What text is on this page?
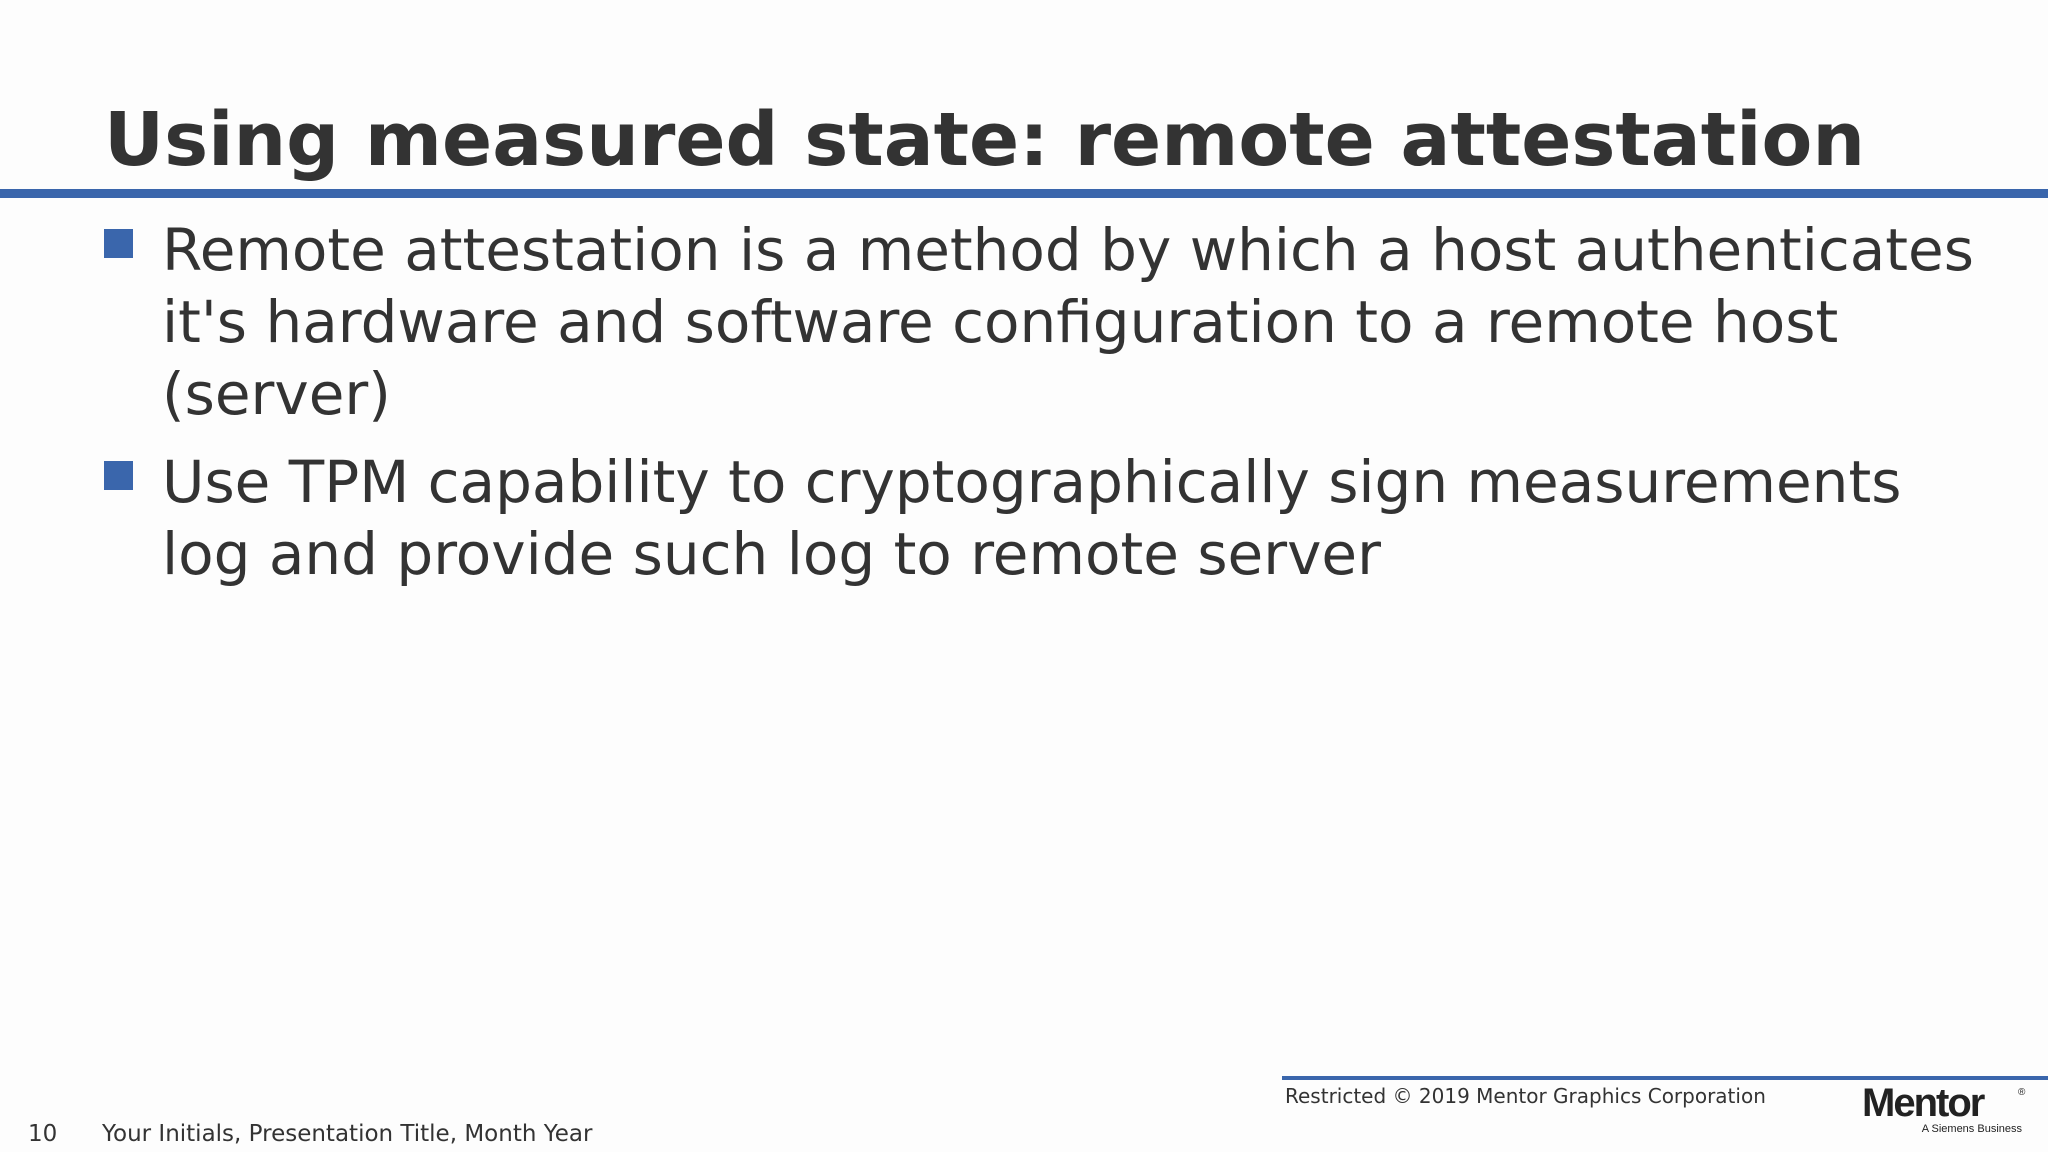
Using measured state: remote attestation
Remote attestation is a method by which a host authenticates it's hardware and software configuration to a remote host (server)
Use TPM capability to cryptographically sign measurements log and provide such log to remote server
Restricted © 2019 Mentor Graphics Corporation
10 Your Initials, Presentation Title, Month Year
Mentor	®
A Siemens Business
